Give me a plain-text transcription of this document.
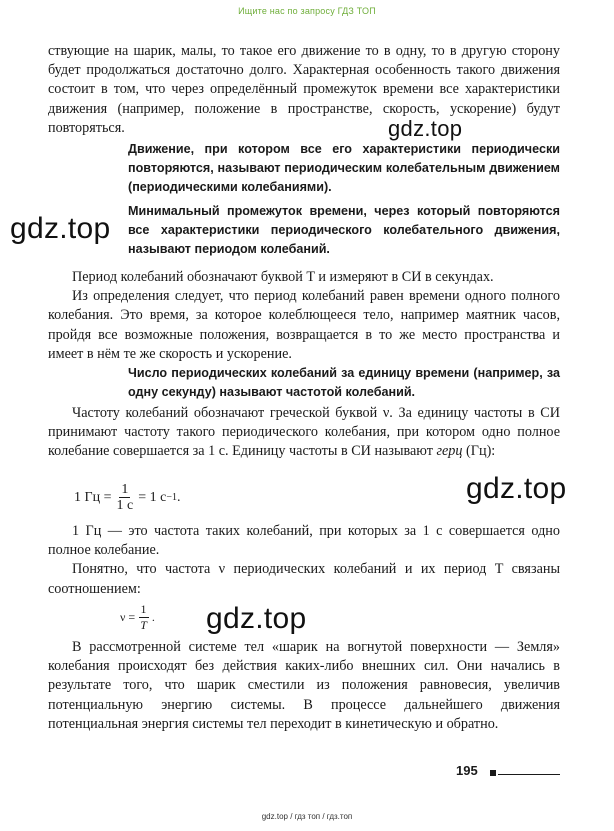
Ищите нас по запросу ГДЗ ТОП

ствующие на шарик, малы, то такое его движение то в одну, то в другую сторону будет продолжаться достаточно долго. Характерная особенность такого движения состоит в том, что через определённый промежуток времени все характеристики движения (например, положение в пространстве, скорость, ускорение) будут повторяться.	gdz.top

Движение, при котором все его характеристики периодически повторяются, называют периодическим колебательным движением (периодическими колебаниями).

Минимальный промежуток времени, через который повторяются все характеристики периодического колебательного движения, называют периодом колебаний.

gdz.top

Период колебаний обозначают буквой T и измеряют в СИ в секундах.

Из определения следует, что период колебаний равен времени одного полного колебания. Это время, за которое колеблющееся тело, например маятник часов, пройдя все возможные положения, возвращается в то же место пространства и имеет в нём те же скорость и ускорение.

Число периодических колебаний за единицу времени (например, за одну секунду) называют частотой колебаний.

Частоту колебаний обозначают греческой буквой ν. За единицу частоты в СИ принимают частоту такого периодического колебания, при котором одно полное колебание совершается за 1 с. Единицу частоты в СИ называют герц (Гц):

1 Гц = $\frac{1}{1 с} = 1$ с −1 .	gdz.top

1 Гц — это частота таких колебаний, при которых за 1 с совершается одно полное колебание.

Понятно, что частота ν периодических колебаний и их период T связаны соотношением:

$\nu = \frac{1}{T}$ . gdz.top

В рассмотренной системе тел «шарик на вогнутой поверхности — Земля» колебания происходят без действия каких-либо внешних сил. Они начались в результате того, что шарик сместили из положения равновесия, увеличив потенциальную энергию системы. В процессе дальнейшего движения потенциальная энергия системы тел переходит в кинетическую и обратно.

195
gdz.top / гдз топ / гдз.топ
